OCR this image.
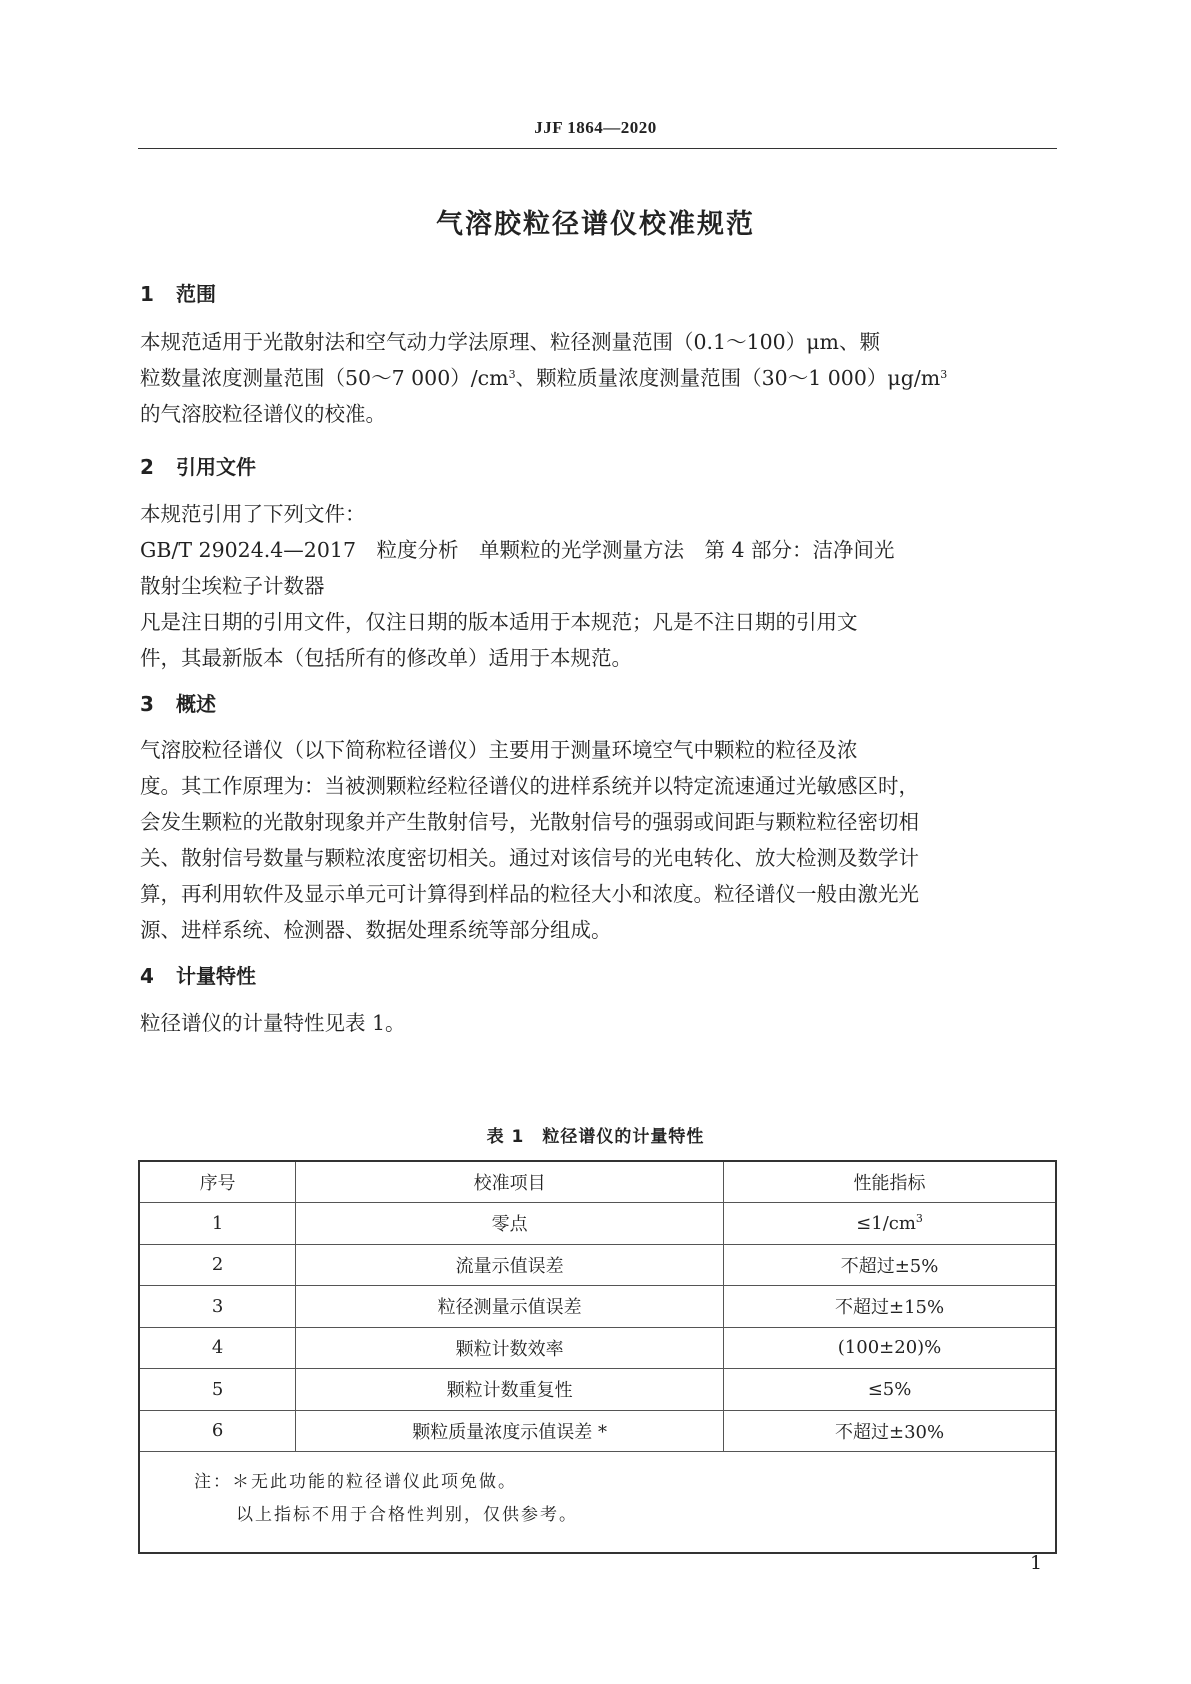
JJF 1864—2020
气溶胶粒径谱仪校准规范
1 范围
本规范适用于光散射法和空气动力学法原理、粒径测量范围（0.1～100）μm、颗
粒数量浓度测量范围（50～7 $000)/cm^3$、颗粒质量浓度测量范围（30～1 $000)\mu g/m^3$
的气溶胶粒径谱仪的校准。
2 引用文件
本规范引用了下列文件：
GB/T 29024.4—2017　粒度分析　单颗粒的光学测量方法　第 4 部分：洁净间光
散射尘埃粒子计数器
凡是注日期的引用文件，仅注日期的版本适用于本规范；凡是不注日期的引用文
件，其最新版本（包括所有的修改单）适用于本规范。
3 概述
气溶胶粒径谱仪（以下简称粒径谱仪）主要用于测量环境空气中颗粒的粒径及浓
度。其工作原理为：当被测颗粒经粒径谱仪的进样系统并以特定流速通过光敏感区时，
会发生颗粒的光散射现象并产生散射信号，光散射信号的强弱或间距与颗粒粒径密切相
关、散射信号数量与颗粒浓度密切相关。通过对该信号的光电转化、放大检测及数学计
算，再利用软件及显示单元可计算得到样品的粒径大小和浓度。粒径谱仪一般由激光光
源、进样系统、检测器、数据处理系统等部分组成。
4 计量特性
粒径谱仪的计量特性见表 1。
表 1　粒径谱仪的计量特性
序号	校准项目	性能指标
1	零点	$\le 1/cm^3$
2	流量示值误差	不超过±5%
3	粒径测量示值误差	不超过±15%
4	颗粒计数效率	(100±20)%
5	颗粒计数重复性	≤5%
6	颗粒质量浓度示值误差 *	不超过±30%

注：＊无此功能的粒径谱仪此项免做。
以上指标不用于合格性判别，仅供参考。		
1
